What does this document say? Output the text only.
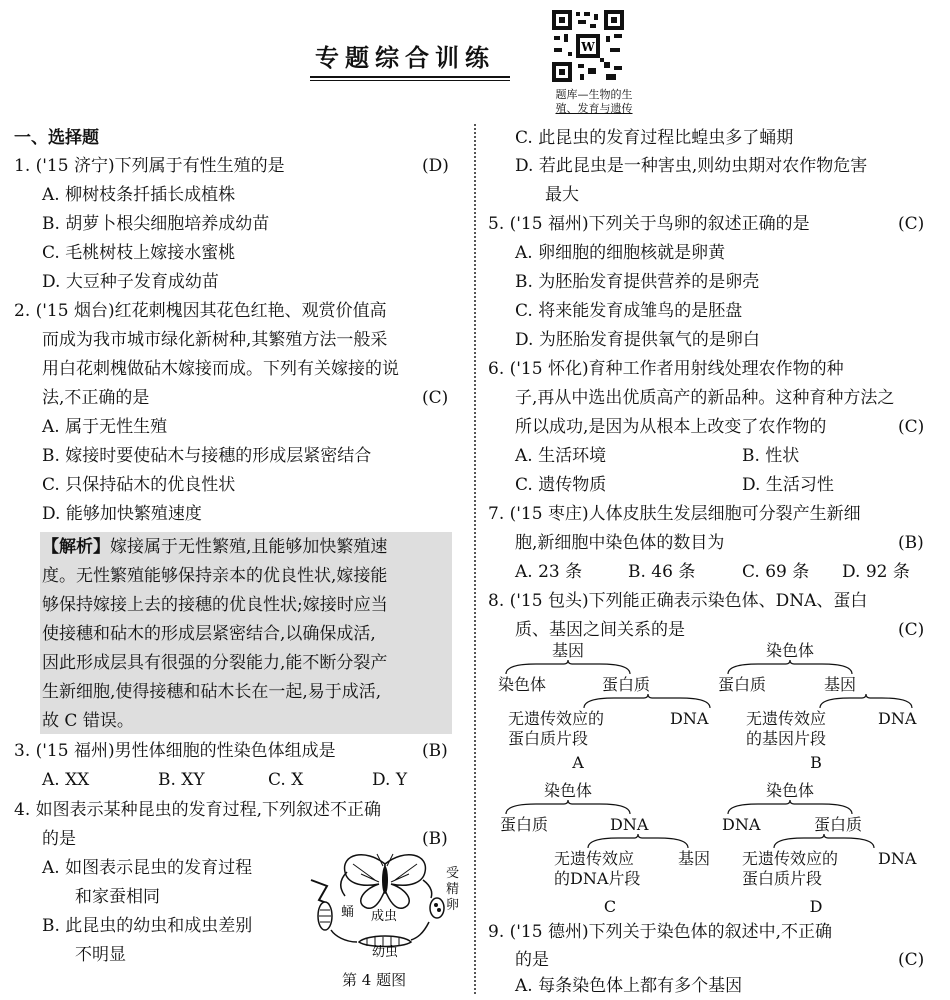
专题综合训练	W
题库—生物的生
殖、发育与遗传
一、选择题
1. ('15 济宁)下列属于有性生殖的是	(D)
A. 柳树枝条扦插长成植株
B. 胡萝卜根尖细胞培养成幼苗
C. 毛桃树枝上嫁接水蜜桃
D. 大豆种子发育成幼苗
2. ('15 烟台)红花刺槐因其花色红艳、观赏价值高
而成为我市城市绿化新树种,其繁殖方法一般采
用白花刺槐做砧木嫁接而成。下列有关嫁接的说
法,不正确的是	(C)
A. 属于无性生殖
B. 嫁接时要使砧木与接穗的形成层紧密结合
C. 只保持砧木的优良性状
D. 能够加快繁殖速度
【解析】嫁接属于无性繁殖,且能够加快繁殖速
度。无性繁殖能够保持亲本的优良性状,嫁接能
够保持嫁接上去的接穗的优良性状;嫁接时应当
使接穗和砧木的形成层紧密结合,以确保成活,
因此形成层具有很强的分裂能力,能不断分裂产
生新细胞,使得接穗和砧木长在一起,易于成活,
故 C 错误。
3. ('15 福州)男性体细胞的性染色体组成是	(B)
A. XX	B. XY	C. X	D. Y
4. 如图表示某种昆虫的发育过程,下列叙述不正确
的是	(B)
A. 如图表示昆虫的发育过程
和家蚕相同
B. 此昆虫的幼虫和成虫差别
不明显
蛹 成虫
幼虫
受精卵
第 4 题图
C. 此昆虫的发育过程比蝗虫多了蛹期
D. 若此昆虫是一种害虫,则幼虫期对农作物危害
最大
5. ('15 福州)下列关于鸟卵的叙述正确的是	(C)
A. 卵细胞的细胞核就是卵黄
B. 为胚胎发育提供营养的是卵壳
C. 将来能发育成雏鸟的是胚盘
D. 为胚胎发育提供氧气的是卵白
6. ('15 怀化)育种工作者用射线处理农作物的种
子,再从中选出优质高产的新品种。这种育种方法之
所以成功,是因为从根本上改变了农作物的	(C)
A. 生活环境	B. 性状
C. 遗传物质	D. 生活习性
7. ('15 枣庄)人体皮肤生发层细胞可分裂产生新细
胞,新细胞中染色体的数目为	(B)
A. 23 条	B. 46 条	C. 69 条 D. 92 条
8. ('15 包头)下列能正确表示染色体、DNA、蛋白
质、基因之间关系的是	(C)
基因
染色体	蛋白质
无遗传效应的
蛋白质片段
DNA
A
染色体
蛋白质	基因
无遗传效应
的基因片段
DNA
B
染色体
蛋白质	DNA
无遗传效应
的DNA片段
基因
C
染色体
DNA	蛋白质
无遗传效应的
蛋白质片段
DNA
D
9. ('15 德州)下列关于染色体的叙述中,不正确
的是	(C)
A. 每条染色体上都有多个基因
